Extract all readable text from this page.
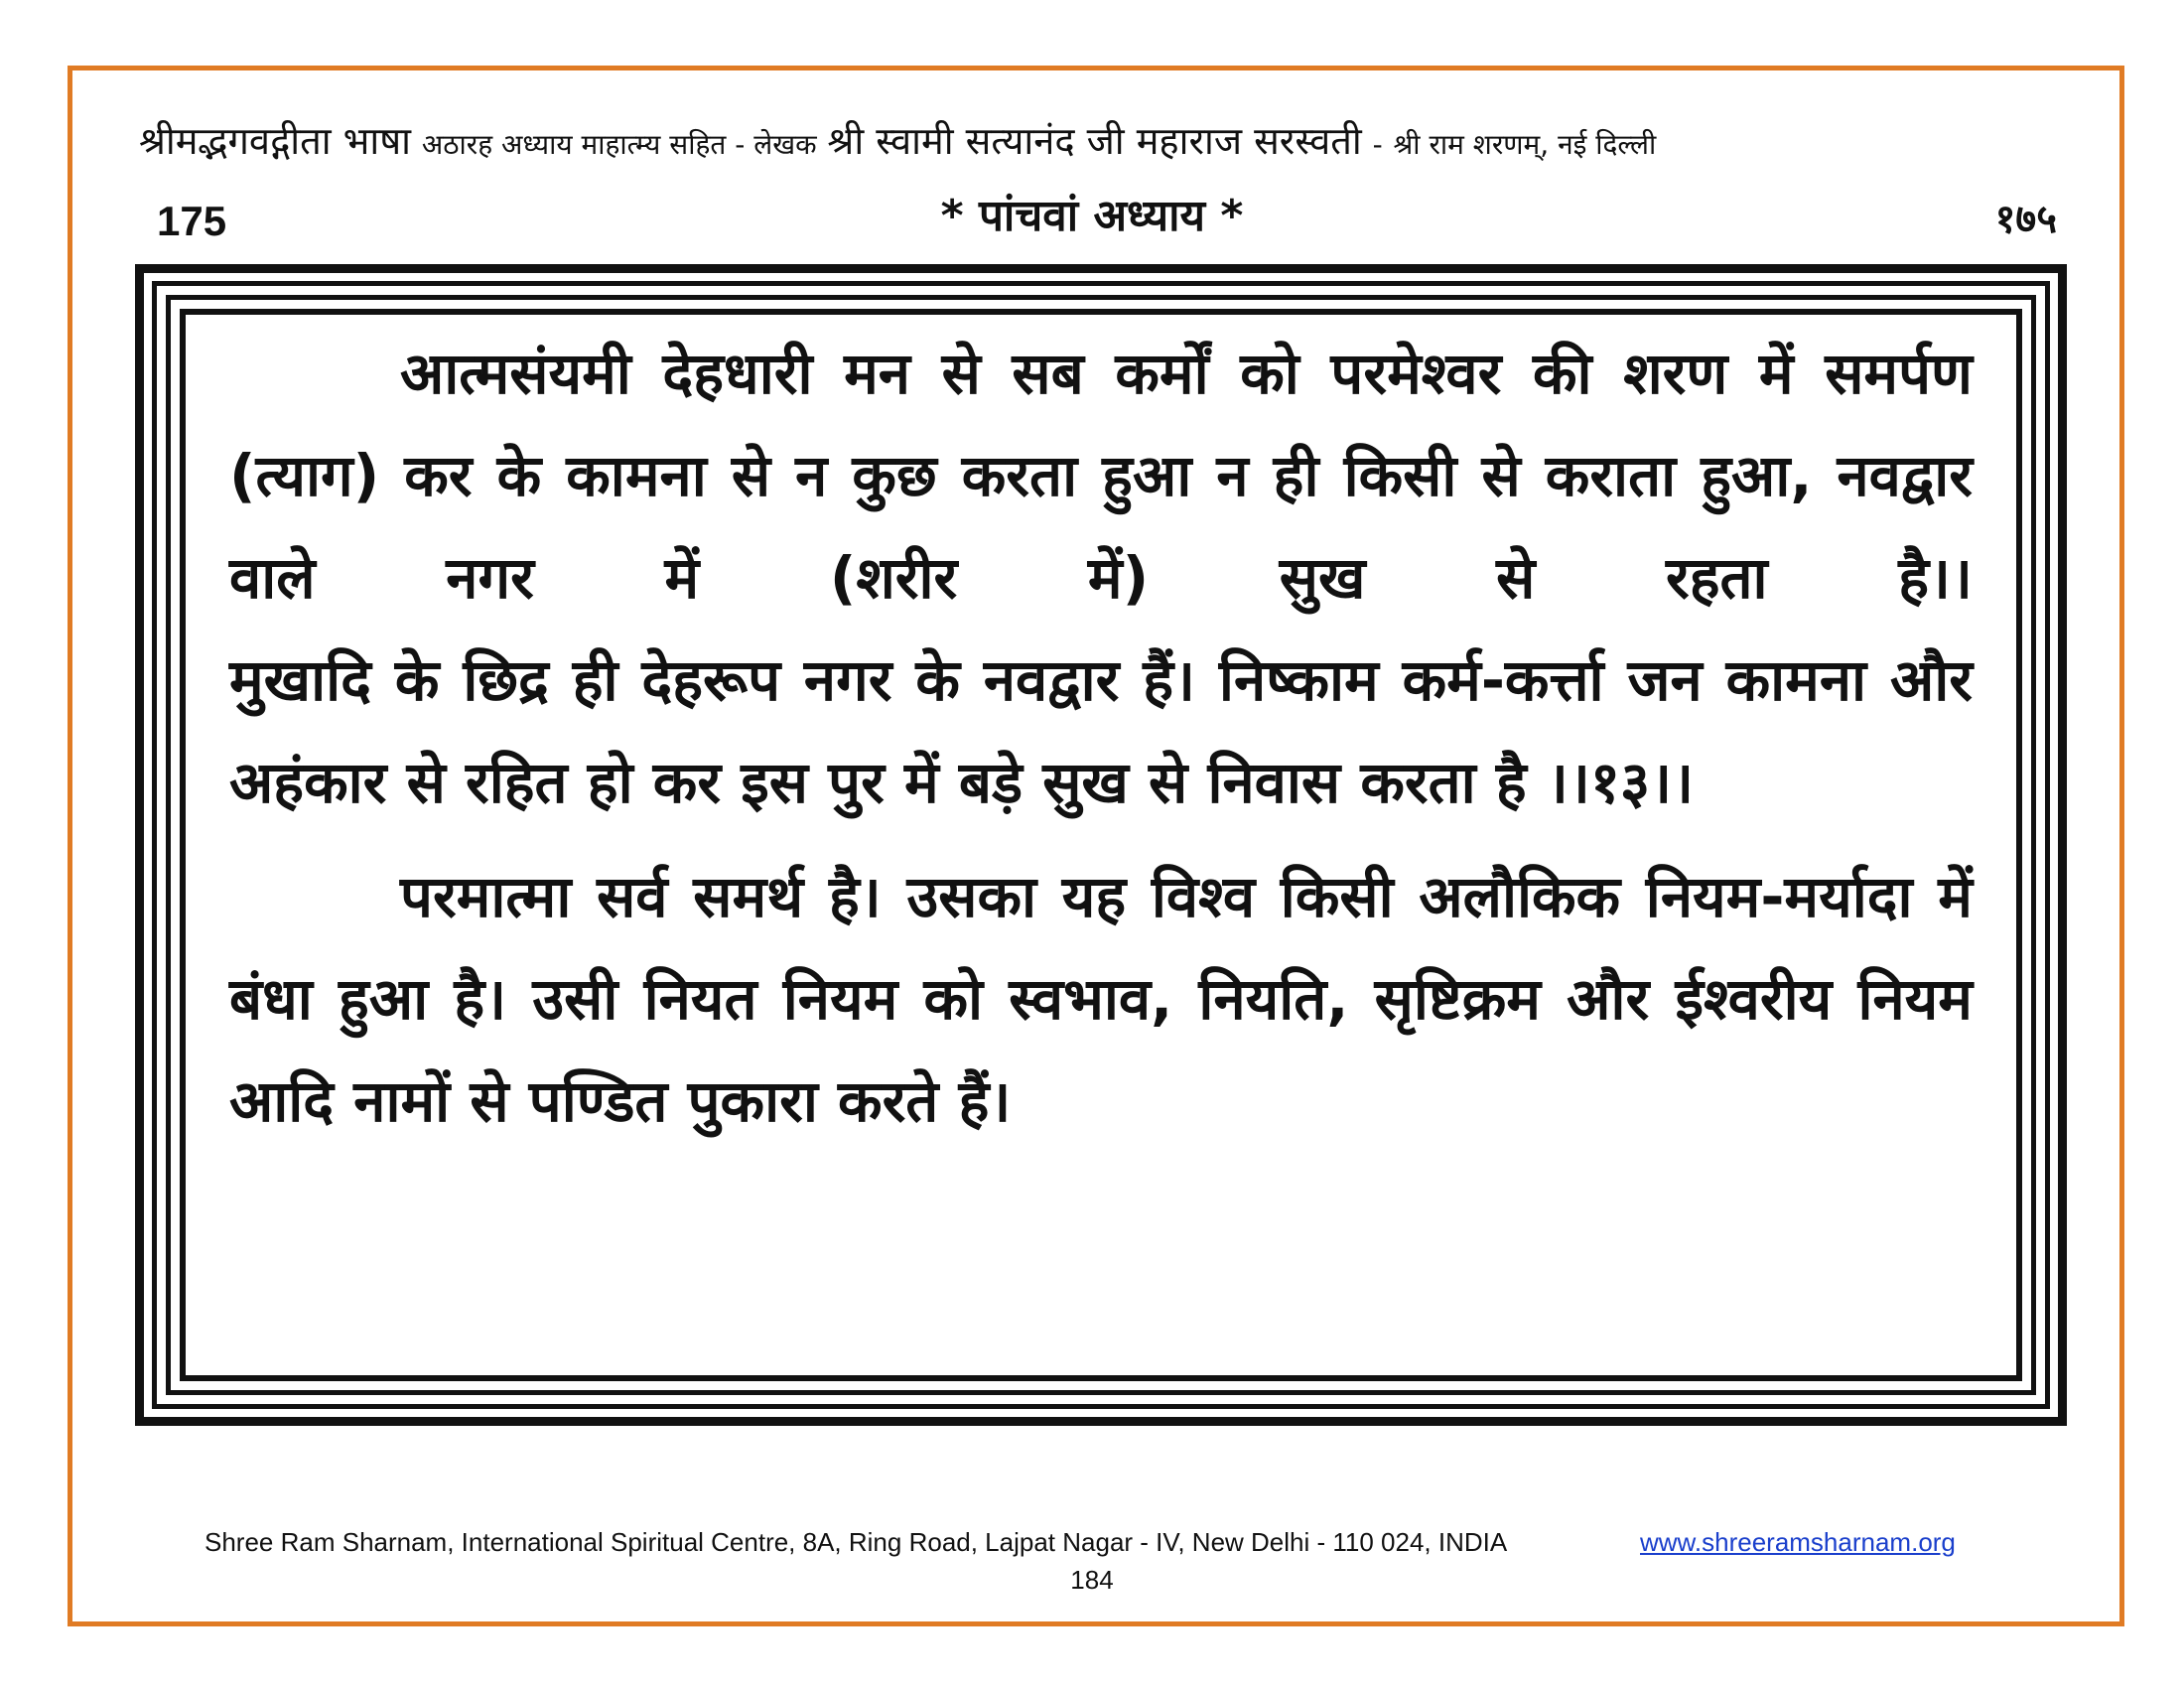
श्रीमद्भगवद्गीता भाषा अठारह अध्याय माहात्म्य सहित - लेखक श्री स्वामी सत्यानंद जी महाराज सरस्वती - श्री राम शरणम्, नई दिल्ली
175	* पांचवां अध्याय *	१७५

आत्मसंयमी देहधारी मन से सब कर्मों को परमेश्वर की शरण में समर्पण (त्याग) कर के कामना से न कुछ करता हुआ न ही किसी से कराता हुआ, नवद्वार वाले नगर में (शरीर में) सुख से रहता है।।

मुखादि के छिद्र ही देहरूप नगर के नवद्वार हैं। निष्काम कर्म-कर्त्ता जन कामना और अहंकार से रहित हो कर इस पुर में बड़े सुख से निवास करता है ।।१३।।

परमात्मा सर्व समर्थ है। उसका यह विश्व किसी अलौकिक नियम-मर्यादा में बंधा हुआ है। उसी नियत नियम को स्वभाव, नियति, सृष्टिक्रम और ईश्वरीय नियम आदि नामों से पण्डित पुकारा करते हैं।

Shree Ram Sharnam, International Spiritual Centre, 8A, Ring Road, Lajpat Nagar - IV, New Delhi - 110 024, INDIA	www.shreeramsharnam.org
184
